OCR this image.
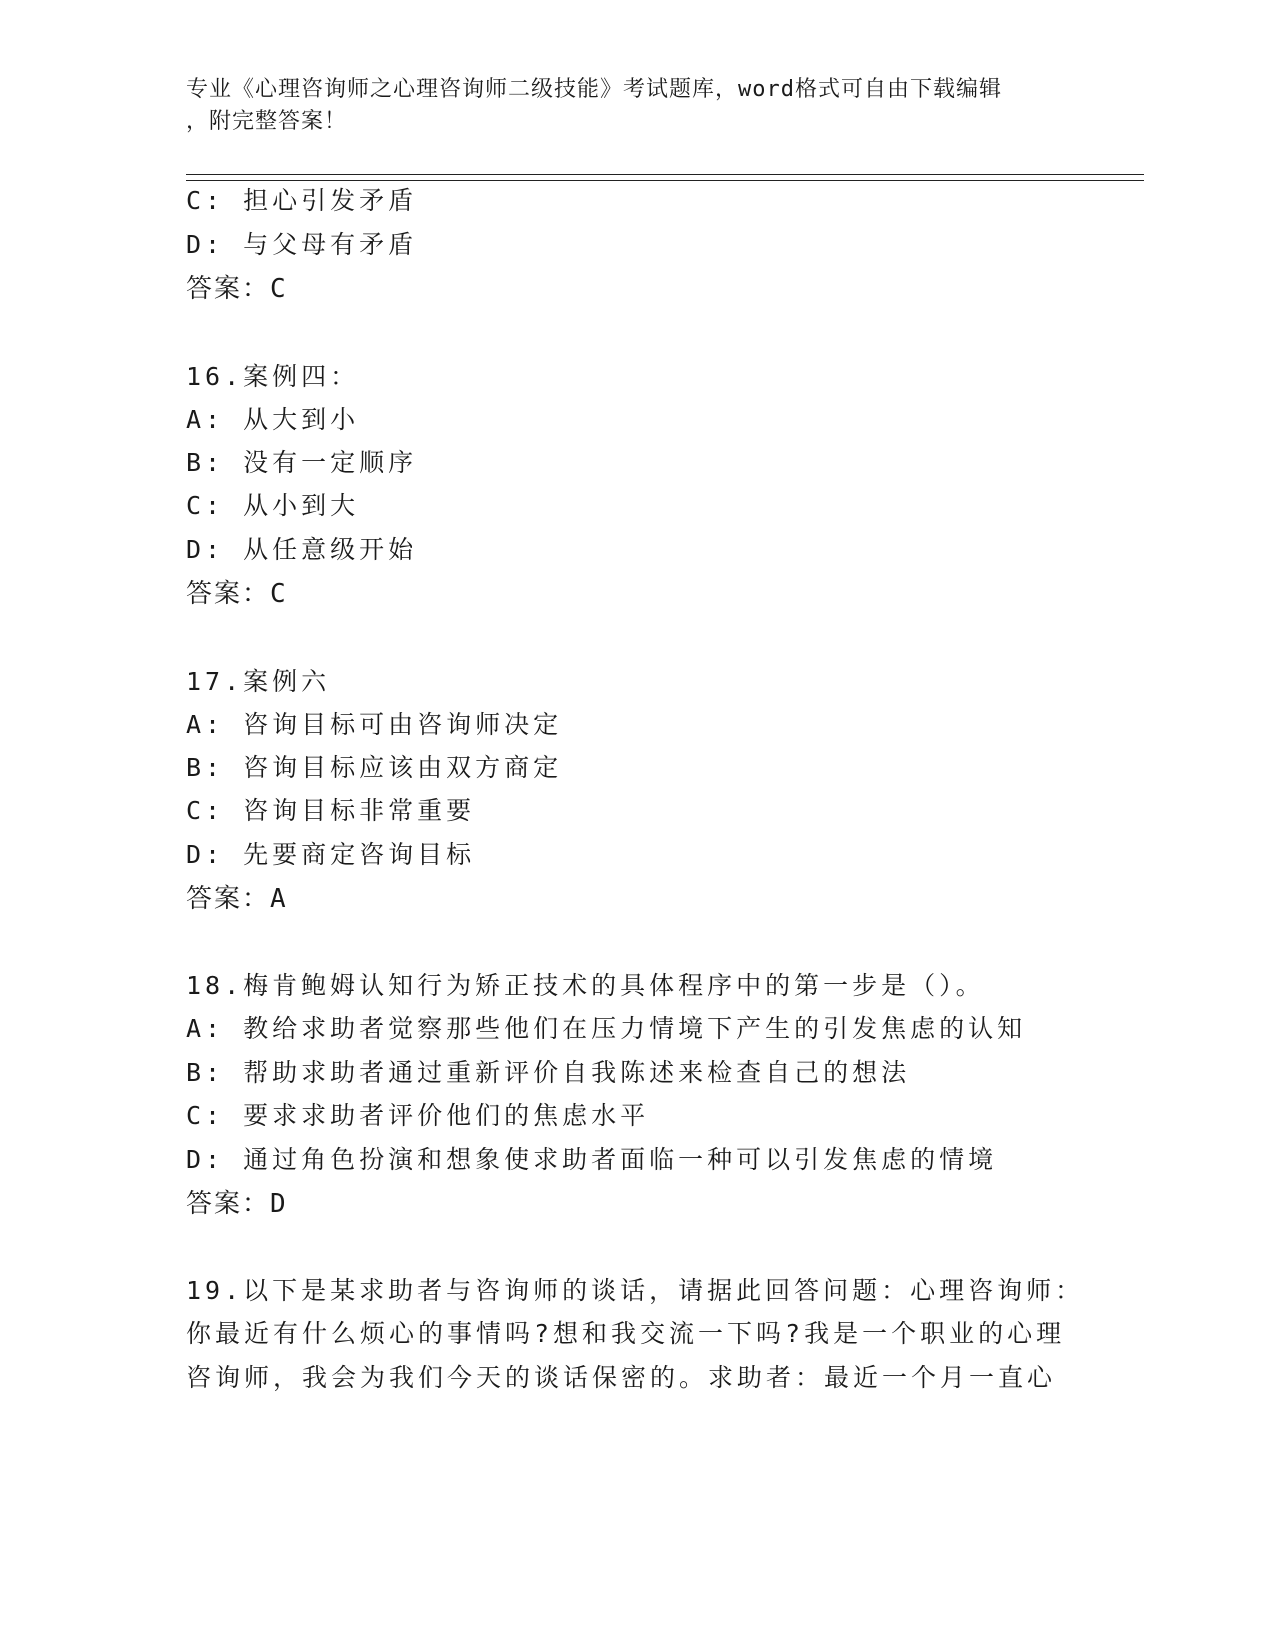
专业《心理咨询师之心理咨询师二级技能》考试题库，word格式可自由下载编辑
，附完整答案！
C: 担心引发矛盾
D: 与父母有矛盾
答案：C
16.案例四：
A: 从大到小
B: 没有一定顺序
C: 从小到大
D: 从任意级开始
答案：C
17.案例六
A: 咨询目标可由咨询师决定
B: 咨询目标应该由双方商定
C: 咨询目标非常重要
D: 先要商定咨询目标
答案：A
18.梅肯鲍姆认知行为矫正技术的具体程序中的第一步是（）。
A: 教给求助者觉察那些他们在压力情境下产生的引发焦虑的认知
B: 帮助求助者通过重新评价自我陈述来检查自己的想法
C: 要求求助者评价他们的焦虑水平
D: 通过角色扮演和想象使求助者面临一种可以引发焦虑的情境
答案：D
19.以下是某求助者与咨询师的谈话，请据此回答问题：心理咨询师：
你最近有什么烦心的事情吗?想和我交流一下吗?我是一个职业的心理
咨询师，我会为我们今天的谈话保密的。求助者：最近一个月一直心
